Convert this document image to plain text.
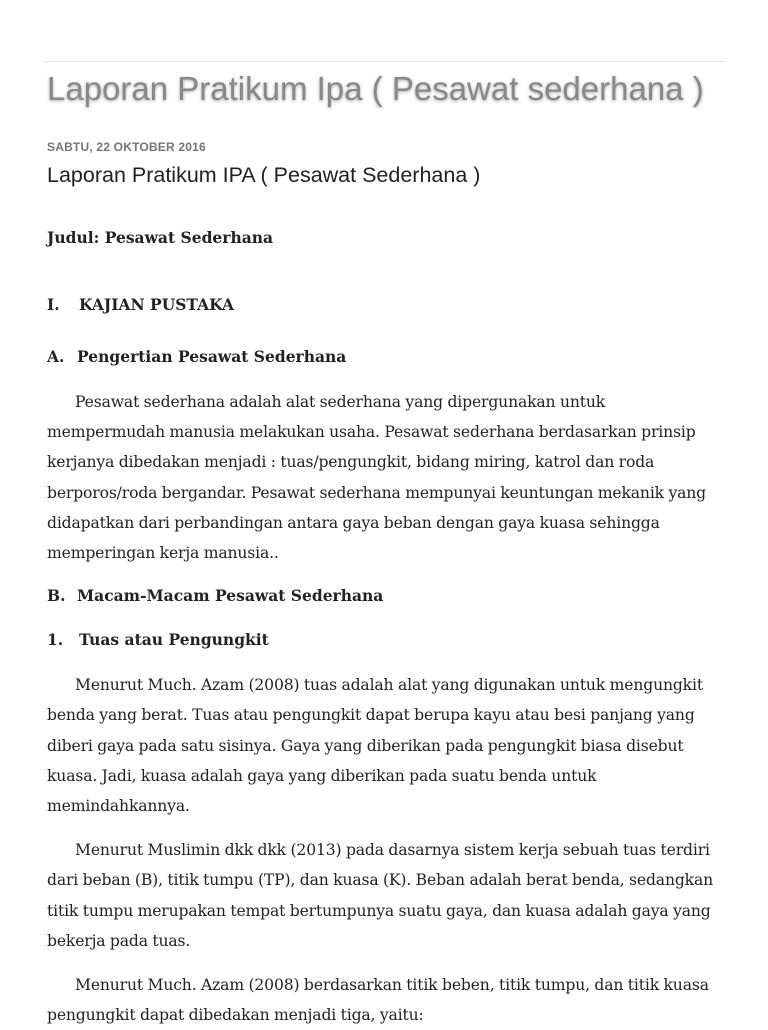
Laporan Pratikum Ipa ( Pesawat sederhana )
SABTU, 22 OKTOBER 2016
Laporan Pratikum IPA ( Pesawat Sederhana )

Judul: Pesawat Sederhana

I. KAJIAN PUSTAKA

A. Pengertian Pesawat Sederhana

Pesawat sederhana adalah alat sederhana yang dipergunakan untuk mempermudah manusia melakukan usaha. Pesawat sederhana berdasarkan prinsip kerjanya dibedakan menjadi : tuas/pengungkit, bidang miring, katrol dan roda berporos/roda bergandar. Pesawat sederhana mempunyai keuntungan mekanik yang didapatkan dari perbandingan antara gaya beban dengan gaya kuasa sehingga memperingan kerja manusia..

B. Macam-Macam Pesawat Sederhana

1. Tuas atau Pengungkit

Menurut Much. Azam (2008) tuas adalah alat yang digunakan untuk mengungkit benda yang berat. Tuas atau pengungkit dapat berupa kayu atau besi panjang yang diberi gaya pada satu sisinya. Gaya yang diberikan pada pengungkit biasa disebut kuasa. Jadi, kuasa adalah gaya yang diberikan pada suatu benda untuk memindahkannya.

Menurut Muslimin dkk dkk (2013) pada dasarnya sistem kerja sebuah tuas terdiri dari beban (B), titik tumpu (TP), dan kuasa (K). Beban adalah berat benda, sedangkan titik tumpu merupakan tempat bertumpunya suatu gaya, dan kuasa adalah gaya yang bekerja pada tuas.

Menurut Much. Azam (2008) berdasarkan titik beben, titik tumpu, dan titik kuasa pengungkit dapat dibedakan menjadi tiga, yaitu:
